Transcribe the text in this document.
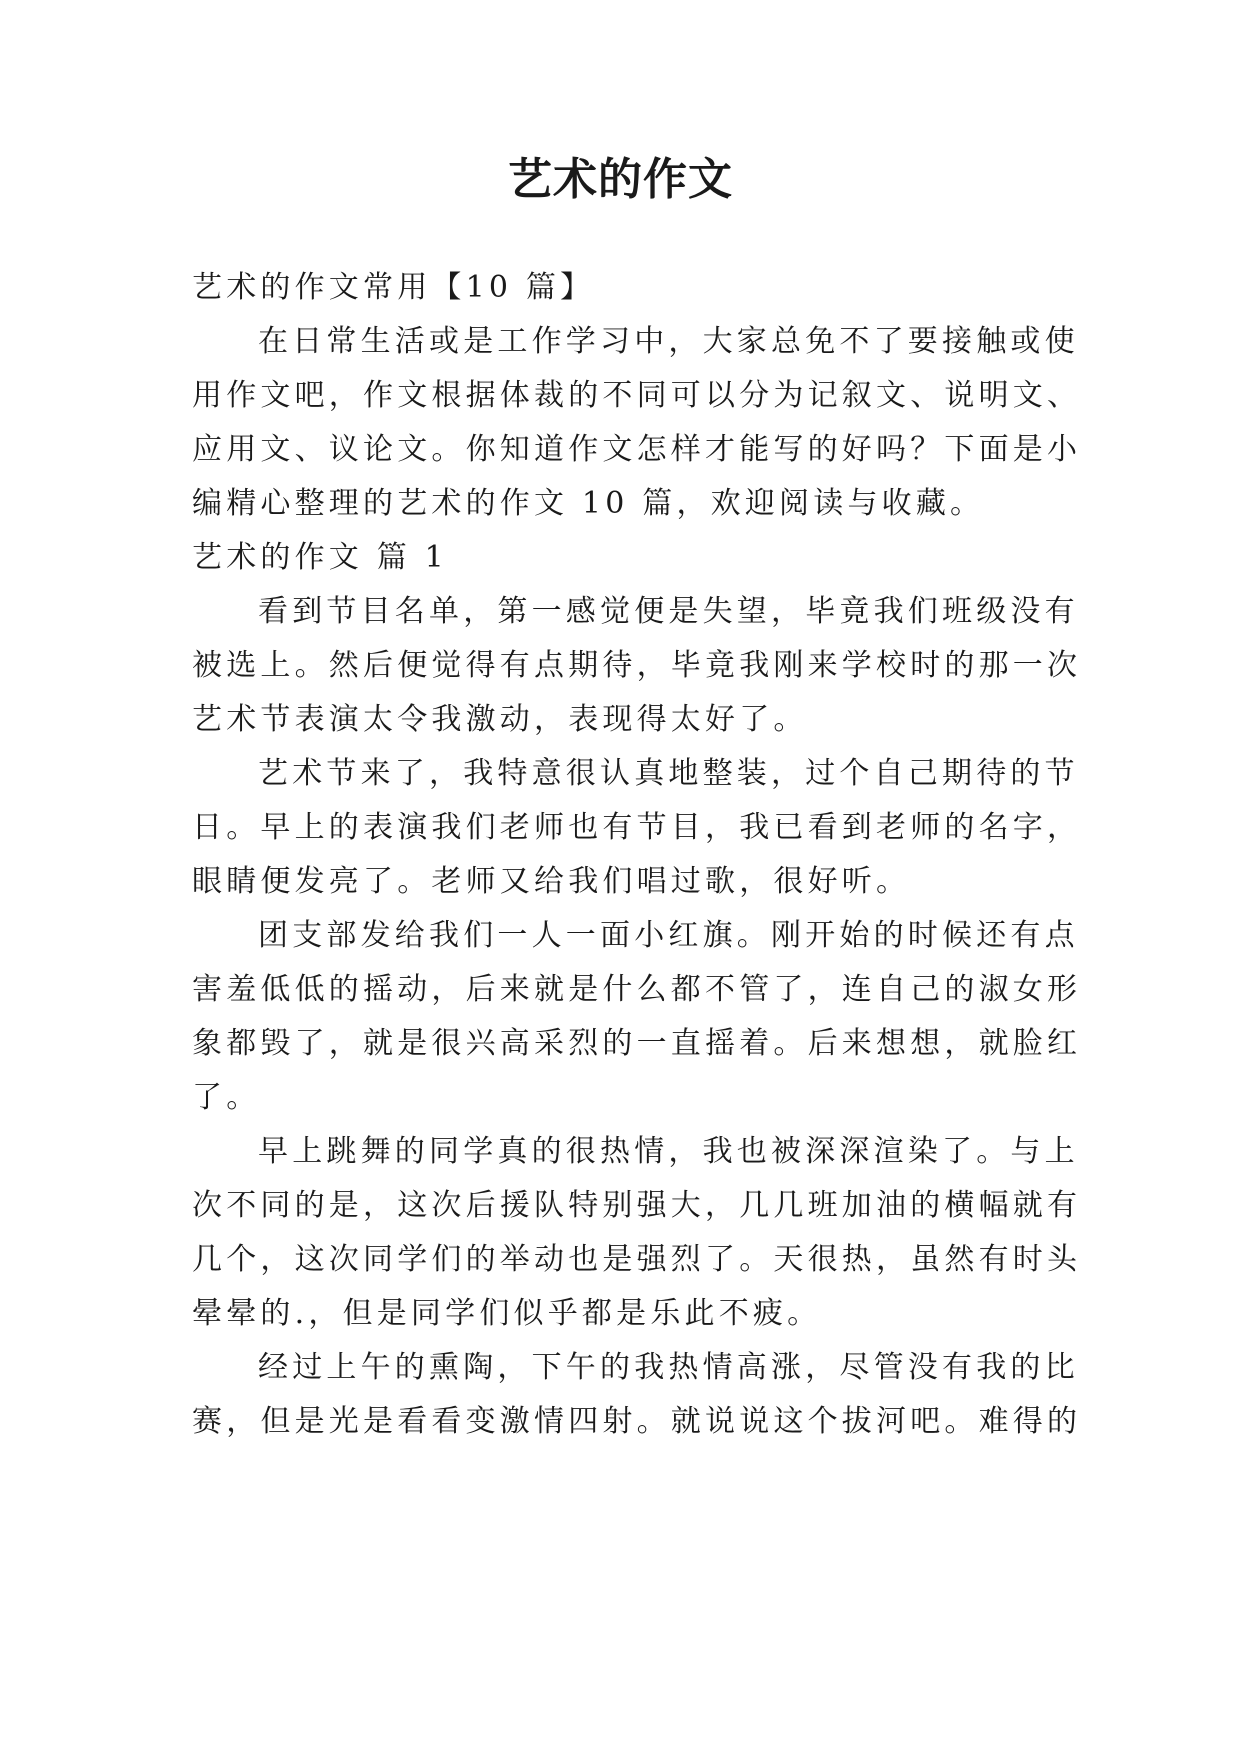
艺术的作文
艺术的作文常用【10 篇】
在日常生活或是工作学习中，大家总免不了要接触或使
用作文吧，作文根据体裁的不同可以分为记叙文、说明文、
应用文、议论文。你知道作文怎样才能写的好吗？下面是小
编精心整理的艺术的作文 10 篇，欢迎阅读与收藏。
艺术的作文 篇 1
看到节目名单，第一感觉便是失望，毕竟我们班级没有
被选上。然后便觉得有点期待，毕竟我刚来学校时的那一次
艺术节表演太令我激动，表现得太好了。
艺术节来了，我特意很认真地整装，过个自己期待的节
日。早上的表演我们老师也有节目，我已看到老师的名字，
眼睛便发亮了。老师又给我们唱过歌，很好听。
团支部发给我们一人一面小红旗。刚开始的时候还有点
害羞低低的摇动，后来就是什么都不管了，连自己的淑女形
象都毁了，就是很兴高采烈的一直摇着。后来想想，就脸红
了。
早上跳舞的同学真的很热情，我也被深深渲染了。与上
次不同的是，这次后援队特别强大，几几班加油的横幅就有
几个，这次同学们的举动也是强烈了。天很热，虽然有时头
晕晕的.，但是同学们似乎都是乐此不疲。
经过上午的熏陶，下午的我热情高涨，尽管没有我的比
赛，但是光是看看变激情四射。就说说这个拔河吧。难得的
